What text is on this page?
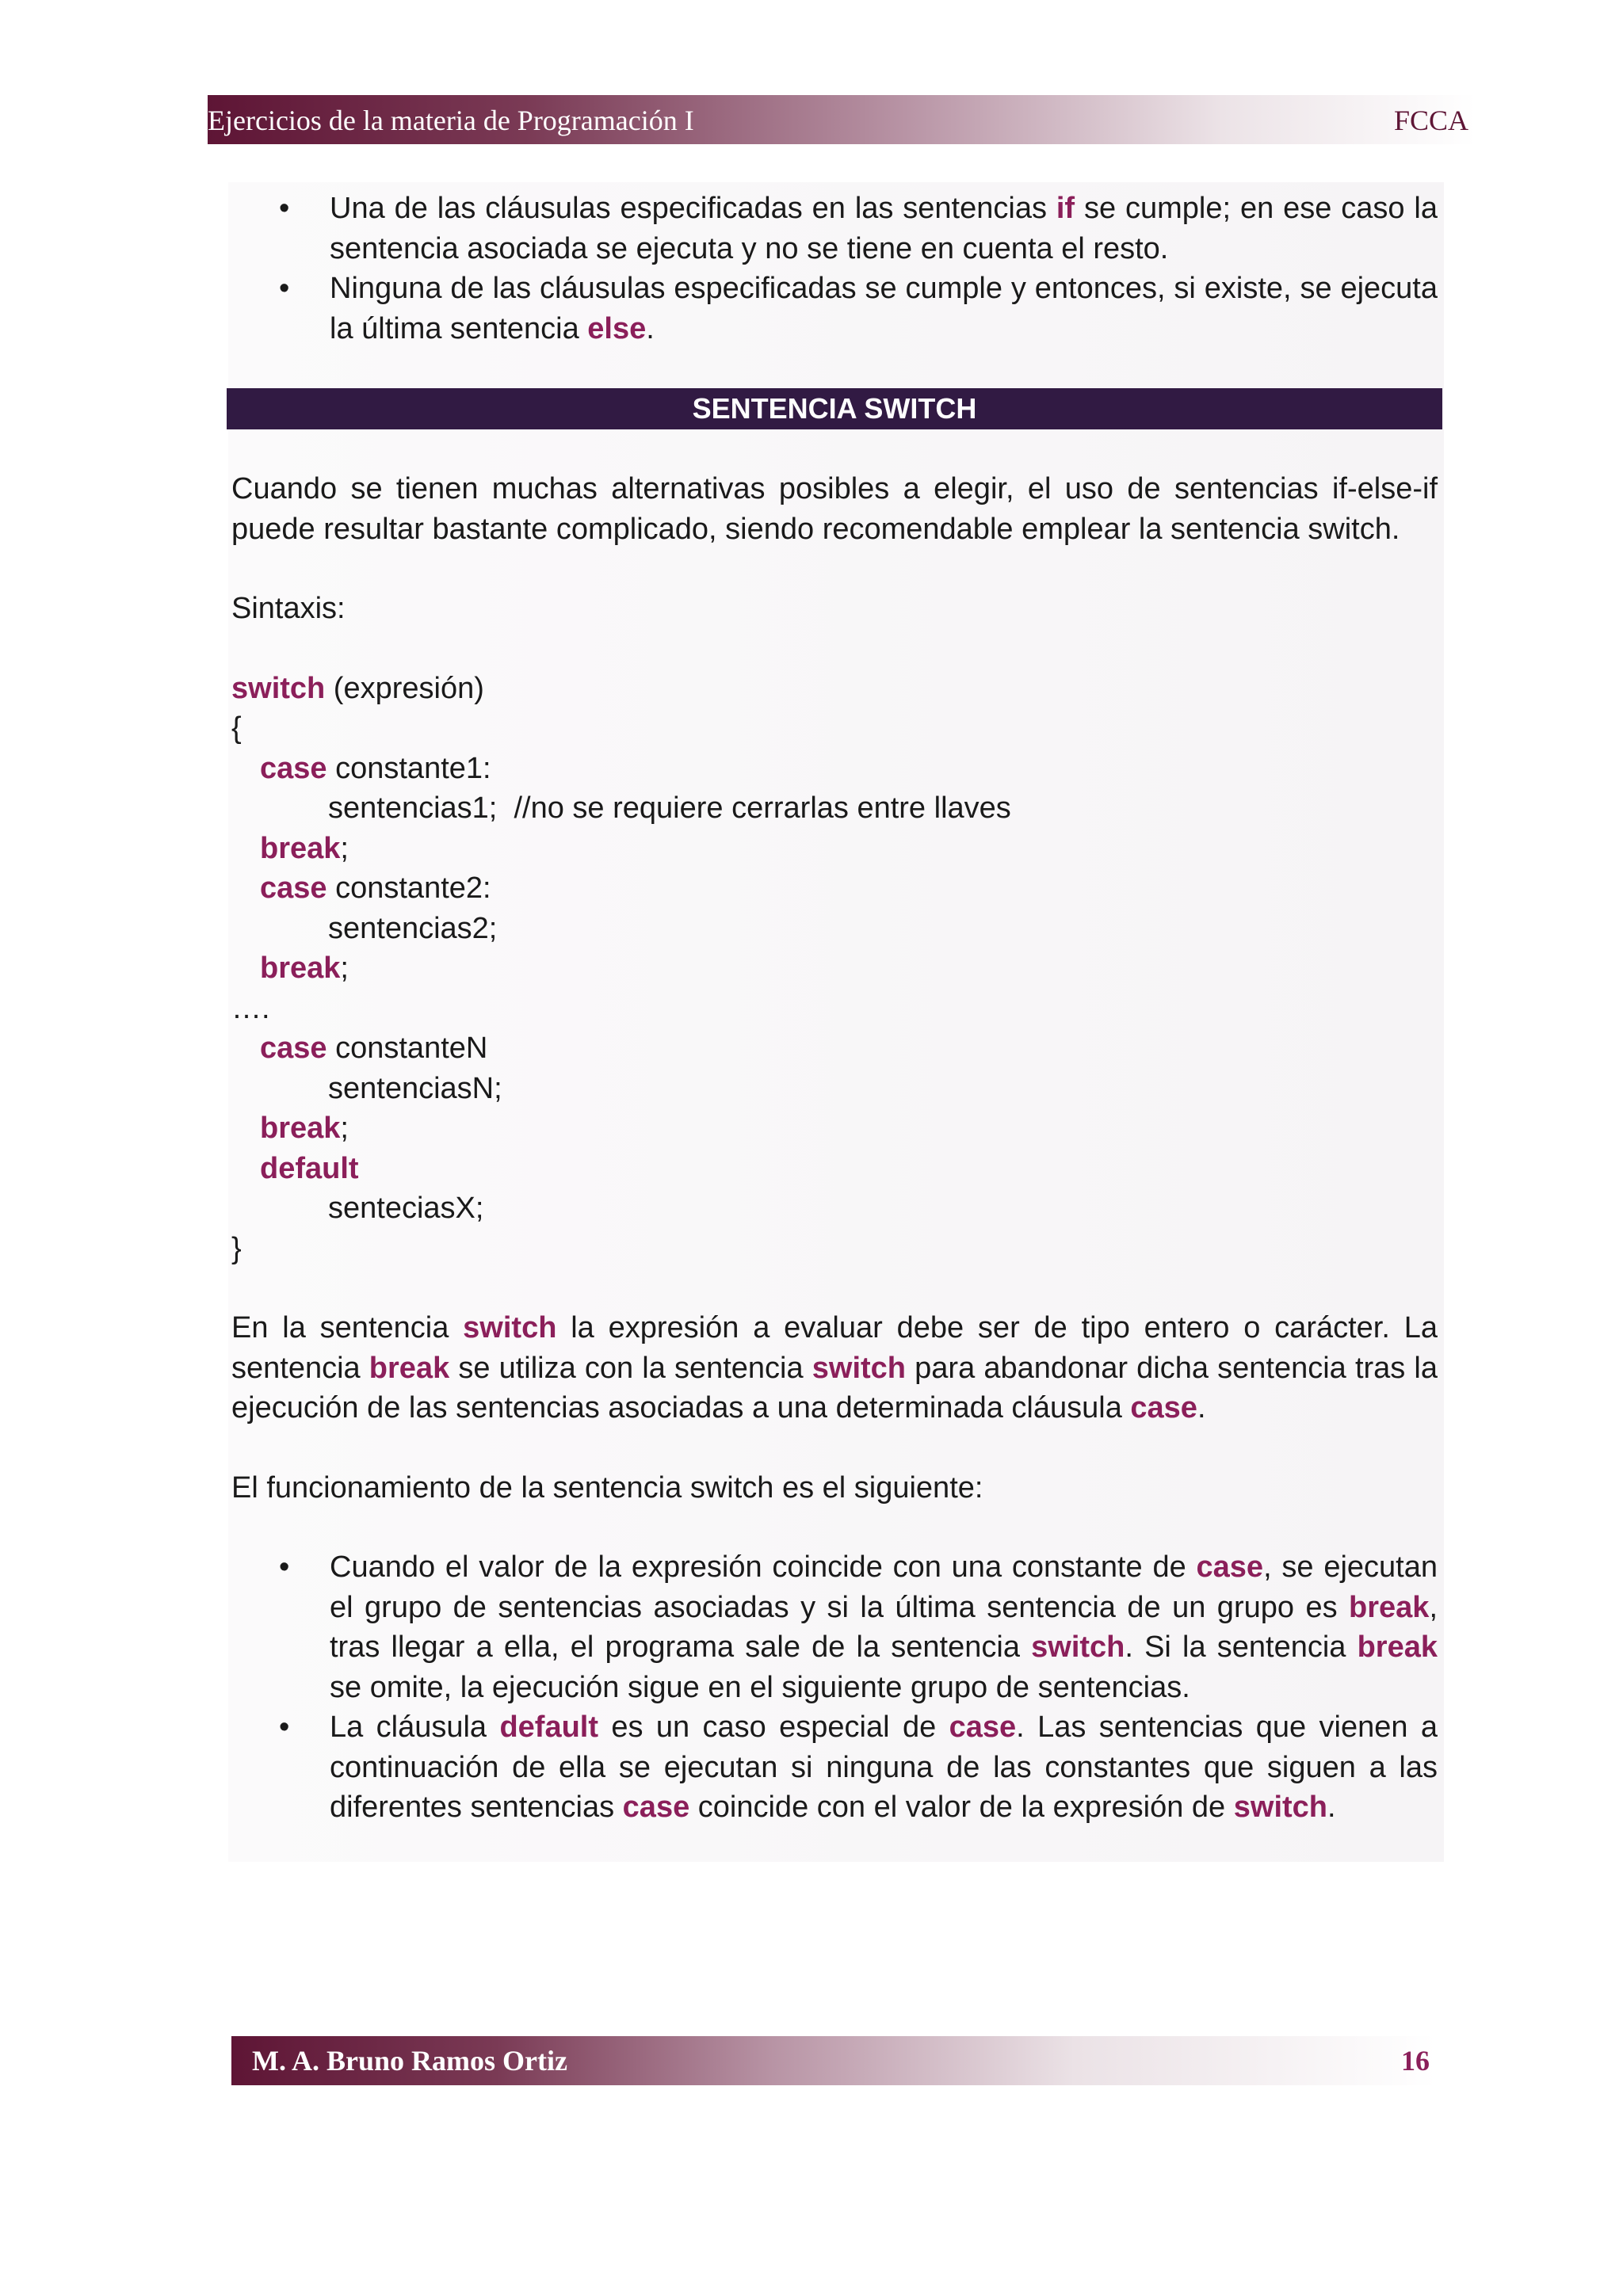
Ejercicios de la materia de Programación I	FCCA
• Una de las cláusulas especificadas en las sentencias if se cumple; en ese caso la sentencia asociada se ejecuta y no se tiene en cuenta el resto.
• Ninguna de las cláusulas especificadas se cumple y entonces, si existe, se ejecuta la última sentencia else.
SENTENCIA SWITCH

Cuando se tienen muchas alternativas posibles a elegir, el uso de sentencias if-else-if puede resultar bastante complicado, siendo recomendable emplear la sentencia switch.

Sintaxis:

switch (expresión)
{
case constante1:
sentencias1;  //no se requiere cerrarlas entre llaves
break;
case constante2:
sentencias2;
break;
….
case constanteN
sentenciasN;
break;
default
senteciasX;
}

En la sentencia switch la expresión a evaluar debe ser de tipo entero o carácter. La sentencia break se utiliza con la sentencia switch para abandonar dicha sentencia tras la ejecución de las sentencias asociadas a una determinada cláusula case.

El funcionamiento de la sentencia switch es el siguiente:

• Cuando el valor de la expresión coincide con una constante de case, se ejecutan el grupo de sentencias asociadas y si la última sentencia de un grupo es break, tras llegar a ella, el programa sale de la sentencia switch. Si la sentencia break se omite, la ejecución sigue en el siguiente grupo de sentencias.
• La cláusula default es un caso especial de case. Las sentencias que vienen a continuación de ella se ejecutan si ninguna de las constantes que siguen a las diferentes sentencias case coincide con el valor de la expresión de switch.
M. A. Bruno Ramos Ortiz	16
